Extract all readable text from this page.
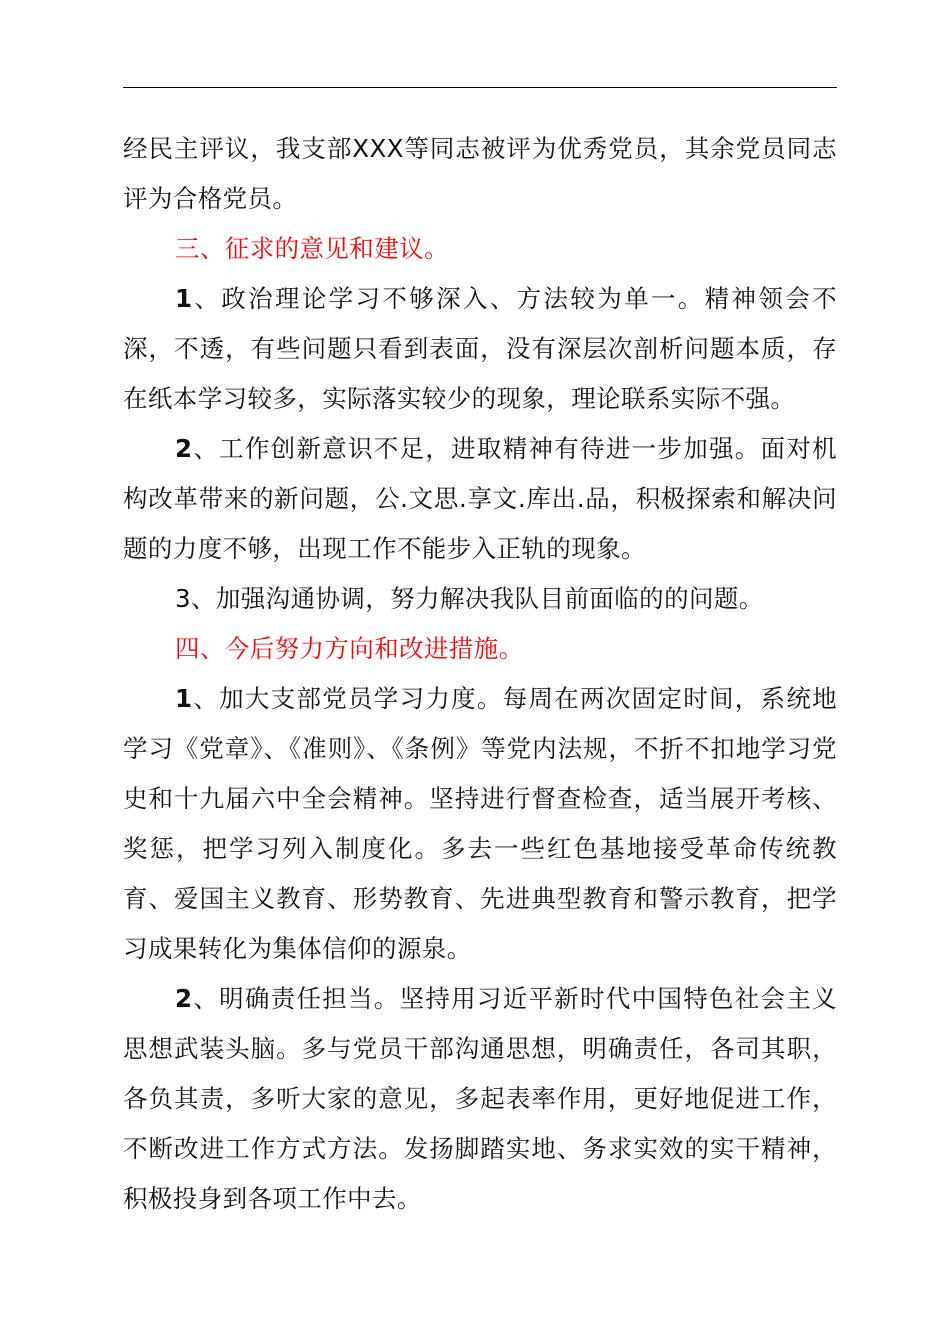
经民主评议，我支部XXX等同志被评为优秀党员，其余党员同志评为合格党员。

三、征求的意见和建议。

1、政治理论学习不够深入、方法较为单一。精神领会不深，不透，有些问题只看到表面，没有深层次剖析问题本质，存在纸本学习较多，实际落实较少的现象，理论联系实际不强。

2、工作创新意识不足，进取精神有待进一步加强。面对机构改革带来的新问题，公.文思.享文.库出.品，积极探索和解决问题的力度不够，出现工作不能步入正轨的现象。

3、加强沟通协调，努力解决我队目前面临的的问题。

四、今后努力方向和改进措施。

1、加大支部党员学习力度。每周在两次固定时间，系统地学习《党章》、《准则》、《条例》等党内法规，不折不扣地学习党史和十九届六中全会精神。坚持进行督查检查，适当展开考核、奖惩，把学习列入制度化。多去一些红色基地接受革命传统教育、爱国主义教育、形势教育、先进典型教育和警示教育，把学习成果转化为集体信仰的源泉。

2、明确责任担当。坚持用习近平新时代中国特色社会主义思想武装头脑。多与党员干部沟通思想，明确责任，各司其职，各负其责，多听大家的意见，多起表率作用，更好地促进工作，不断改进工作方式方法。发扬脚踏实地、务求实效的实干精神，积极投身到各项工作中去。
